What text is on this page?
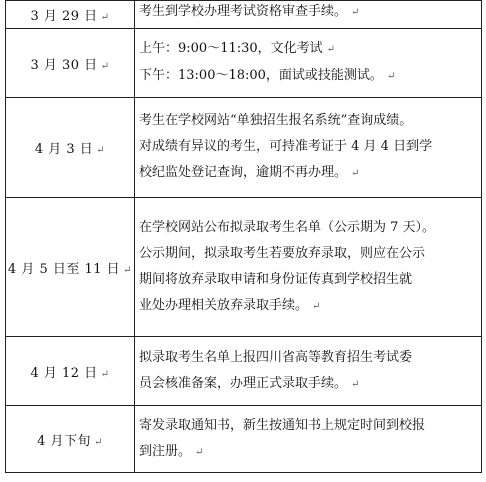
3 月 29 日 ↵	考生到学校办理考试资格审查手续。 ↵

3 月 30 日 ↵	上午：9:00～11:30，文化考试 ↵
下午：13:00～18:00，面试或技能测试。 ↵

4 月 3 日 ↵	考生在学校网站“单独招生报名系统”查询成绩。
对成绩有异议的考生，可持准考证于 4 月 4 日到学
校纪监处登记查询，逾期不再办理。 ↵

4 月 5 日至 11 日 ↵	在学校网站公布拟录取考生名单（公示期为 7 天）。
公示期间，拟录取考生若要放弃录取，则应在公示
期间将放弃录取申请和身份证传真到学校招生就
业处办理相关放弃录取手续。 ↵

4 月 12 日 ↵	拟录取考生名单上报四川省高等教育招生考试委
员会核准备案，办理正式录取手续。 ↵

4 月下旬 ↵	寄发录取通知书，新生按通知书上规定时间到校报
到注册。 ↵
